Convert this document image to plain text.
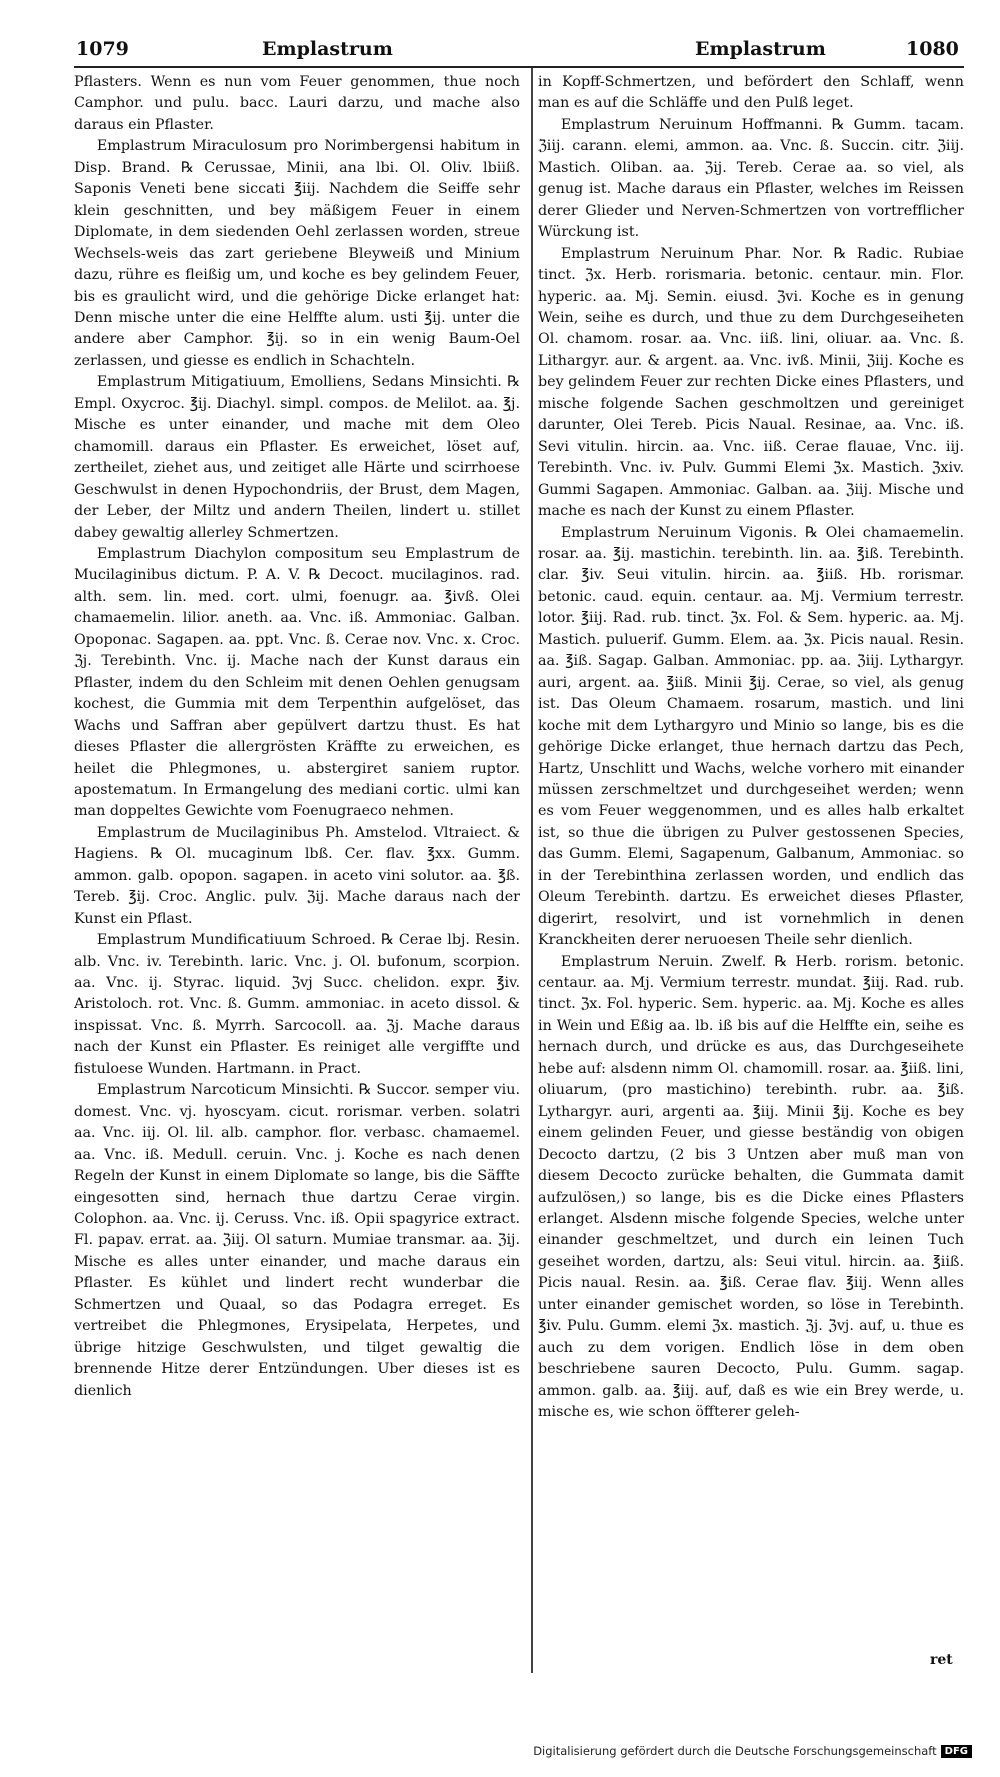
1079	Emplastrum	Emplastrum	1080

Pflasters. Wenn es nun vom Feuer genommen, thue noch Camphor. und pulu. bacc. Lauri darzu, und mache also daraus ein Pflaster.

Emplastrum Miraculosum pro Norimbergensi habitum in Disp. Brand. ℞ Cerussae, Minii, ana lbi. Ol. Oliv. lbiiß. Saponis Veneti bene siccati ℥iij. Nachdem die Seiffe sehr klein geschnitten, und bey mäßigem Feuer in einem Diplomate, in dem siedenden Oehl zerlassen worden, streue Wechsels-weis das zart geriebene Bleyweiß und Minium dazu, rühre es fleißig um, und koche es bey gelindem Feuer, bis es graulicht wird, und die gehörige Dicke erlanget hat: Denn mische unter die eine Helffte alum. usti ℥ij. unter die andere aber Camphor. ℥ij. so in ein wenig Baum-Oel zerlassen, und giesse es endlich in Schachteln.

Emplastrum Mitigatiuum, Emolliens, Sedans Minsichti. ℞ Empl. Oxycroc. ℥ij. Diachyl. simpl. compos. de Melilot. aa. ℥j. Mische es unter einander, und mache mit dem Oleo chamomill. daraus ein Pflaster. Es erweichet, löset auf, zertheilet, ziehet aus, und zeitiget alle Härte und scirrhoese Geschwulst in denen Hypochondriis, der Brust, dem Magen, der Leber, der Miltz und andern Theilen, lindert u. stillet dabey gewaltig allerley Schmertzen.

Emplastrum Diachylon compositum seu Emplastrum de Mucilaginibus dictum. P. A. V. ℞ Decoct. mucilaginos. rad. alth. sem. lin. med. cort. ulmi, foenugr. aa. ℥ivß. Olei chamaemelin. lilior. aneth. aa. Vnc. iß. Ammoniac. Galban. Opoponac. Sagapen. aa. ppt. Vnc. ß. Cerae nov. Vnc. x. Croc. ℨj. Terebinth. Vnc. ij. Mache nach der Kunst daraus ein Pflaster, indem du den Schleim mit denen Oehlen genugsam kochest, die Gummia mit dem Terpenthin aufgelöset, das Wachs und Saffran aber gepülvert dartzu thust. Es hat dieses Pflaster die allergrösten Kräffte zu erweichen, es heilet die Phlegmones, u. abstergiret saniem ruptor. apostematum. In Ermangelung des mediani cortic. ulmi kan man doppeltes Gewichte vom Foenugraeco nehmen.

Emplastrum de Mucilaginibus Ph. Amstelod. Vltraiect. & Hagiens. ℞ Ol. mucaginum lbß. Cer. flav. ℥xx. Gumm. ammon. galb. opopon. sagapen. in aceto vini solutor. aa. ℥ß. Tereb. ℥ij. Croc. Anglic. pulv. ℨij. Mache daraus nach der Kunst ein Pflast.

Emplastrum Mundificatiuum Schroed. ℞ Cerae lbj. Resin. alb. Vnc. iv. Terebinth. laric. Vnc. j. Ol. bufonum, scorpion. aa. Vnc. ij. Styrac. liquid. ℨvj Succ. chelidon. expr. ℥iv. Aristoloch. rot. Vnc. ß. Gumm. ammoniac. in aceto dissol. & inspissat. Vnc. ß. Myrrh. Sarcocoll. aa. ℨj. Mache daraus nach der Kunst ein Pflaster. Es reiniget alle vergiffte und fistuloese Wunden. Hartmann. in Pract.

Emplastrum Narcoticum Minsichti. ℞ Succor. semper viu. domest. Vnc. vj. hyoscyam. cicut. rorismar. verben. solatri aa. Vnc. iij. Ol. lil. alb. camphor. flor. verbasc. chamaemel. aa. Vnc. iß. Medull. ceruin. Vnc. j. Koche es nach denen Regeln der Kunst in einem Diplomate so lange, bis die Säffte eingesotten sind, hernach thue dartzu Cerae virgin. Colophon. aa. Vnc. ij. Ceruss. Vnc. iß. Opii spagyrice extract. Fl. papav. errat. aa. ℨiij. Ol saturn. Mumiae transmar. aa. ℨij. Mische es alles unter einander, und mache daraus ein Pflaster. Es kühlet und lindert recht wunderbar die Schmertzen und Quaal, so das Podagra erreget. Es vertreibet die Phlegmones, Erysipelata, Herpetes, und übrige hitzige Geschwulsten, und tilget gewaltig die brennende Hitze derer Entzündungen. Uber dieses ist es dienlich

in Kopff-Schmertzen, und befördert den Schlaff, wenn man es auf die Schläffe und den Pulß leget.

Emplastrum Neruinum Hoffmanni. ℞ Gumm. tacam. ℨiij. carann. elemi, ammon. aa. Vnc. ß. Succin. citr. ℨiij. Mastich. Oliban. aa. ℨij. Tereb. Cerae aa. so viel, als genug ist. Mache daraus ein Pflaster, welches im Reissen derer Glieder und Nerven-Schmertzen von vortrefflicher Würckung ist.

Emplastrum Neruinum Phar. Nor. ℞ Radic. Rubiae tinct. ℨx. Herb. rorismaria. betonic. centaur. min. Flor. hyperic. aa. Mj. Semin. eiusd. ℨvi. Koche es in genung Wein, seihe es durch, und thue zu dem Durchgeseiheten Ol. chamom. rosar. aa. Vnc. iiß. lini, oliuar. aa. Vnc. ß. Lithargyr. aur. & argent. aa. Vnc. ivß. Minii, ℨiij. Koche es bey gelindem Feuer zur rechten Dicke eines Pflasters, und mische folgende Sachen geschmoltzen und gereiniget darunter, Olei Tereb. Picis Naual. Resinae, aa. Vnc. iß. Sevi vitulin. hircin. aa. Vnc. iiß. Cerae flauae, Vnc. iij. Terebinth. Vnc. iv. Pulv. Gummi Elemi ℨx. Mastich. ℨxiv. Gummi Sagapen. Ammoniac. Galban. aa. ℨiij. Mische und mache es nach der Kunst zu einem Pflaster.

Emplastrum Neruinum Vigonis. ℞ Olei chamaemelin. rosar. aa. ℥ij. mastichin. terebinth. lin. aa. ℥iß. Terebinth. clar. ℥iv. Seui vitulin. hircin. aa. ℥iiß. Hb. rorismar. betonic. caud. equin. centaur. aa. Mj. Vermium terrestr. lotor. ℥iij. Rad. rub. tinct. ℨx. Fol. & Sem. hyperic. aa. Mj. Mastich. puluerif. Gumm. Elem. aa. ℨx. Picis naual. Resin. aa. ℥iß. Sagap. Galban. Ammoniac. pp. aa. ℨiij. Lythargyr. auri, argent. aa. ℥iiß. Minii ℥ij. Cerae, so viel, als genug ist. Das Oleum Chamaem. rosarum, mastich. und lini koche mit dem Lythargyro und Minio so lange, bis es die gehörige Dicke erlanget, thue hernach dartzu das Pech, Hartz, Unschlitt und Wachs, welche vorhero mit einander müssen zerschmeltzet und durchgeseihet werden; wenn es vom Feuer weggenommen, und es alles halb erkaltet ist, so thue die übrigen zu Pulver gestossenen Species, das Gumm. Elemi, Sagapenum, Galbanum, Ammoniac. so in der Terebinthina zerlassen worden, und endlich das Oleum Terebinth. dartzu. Es erweichet dieses Pflaster, digerirt, resolvirt, und ist vornehmlich in denen Kranckheiten derer neruoesen Theile sehr dienlich.

Emplastrum Neruin. Zwelf. ℞ Herb. rorism. betonic. centaur. aa. Mj. Vermium terrestr. mundat. ℥iij. Rad. rub. tinct. ℨx. Fol. hyperic. Sem. hyperic. aa. Mj. Koche es alles in Wein und Eßig aa. lb. iß bis auf die Helffte ein, seihe es hernach durch, und drücke es aus, das Durchgeseihete hebe auf: alsdenn nimm Ol. chamomill. rosar. aa. ℥iiß. lini, oliuarum, (pro mastichino) terebinth. rubr. aa. ℥iß. Lythargyr. auri, argenti aa. ℥iij. Minii ℥ij. Koche es bey einem gelinden Feuer, und giesse beständig von obigen Decocto dartzu, (2 bis 3 Untzen aber muß man von diesem Decocto zurücke behalten, die Gummata damit aufzulösen,) so lange, bis es die Dicke eines Pflasters erlanget. Alsdenn mische folgende Species, welche unter einander geschmeltzet, und durch ein leinen Tuch geseihet worden, dartzu, als: Seui vitul. hircin. aa. ℥iiß. Picis naual. Resin. aa. ℥iß. Cerae flav. ℥iij. Wenn alles unter einander gemischet worden, so löse in Terebinth. ℥iv. Pulu. Gumm. elemi ℨx. mastich. ℨj. ℨvj. auf, u. thue es auch zu dem vorigen. Endlich löse in dem oben beschriebene sauren Decocto, Pulu. Gumm. sagap. ammon. galb. aa. ℥iij. auf, daß es wie ein Brey werde, u. mische es, wie schon öffterer geleh-

ret
Digitalisierung gefördert durch die Deutsche Forschungsgemeinschaft DFG
